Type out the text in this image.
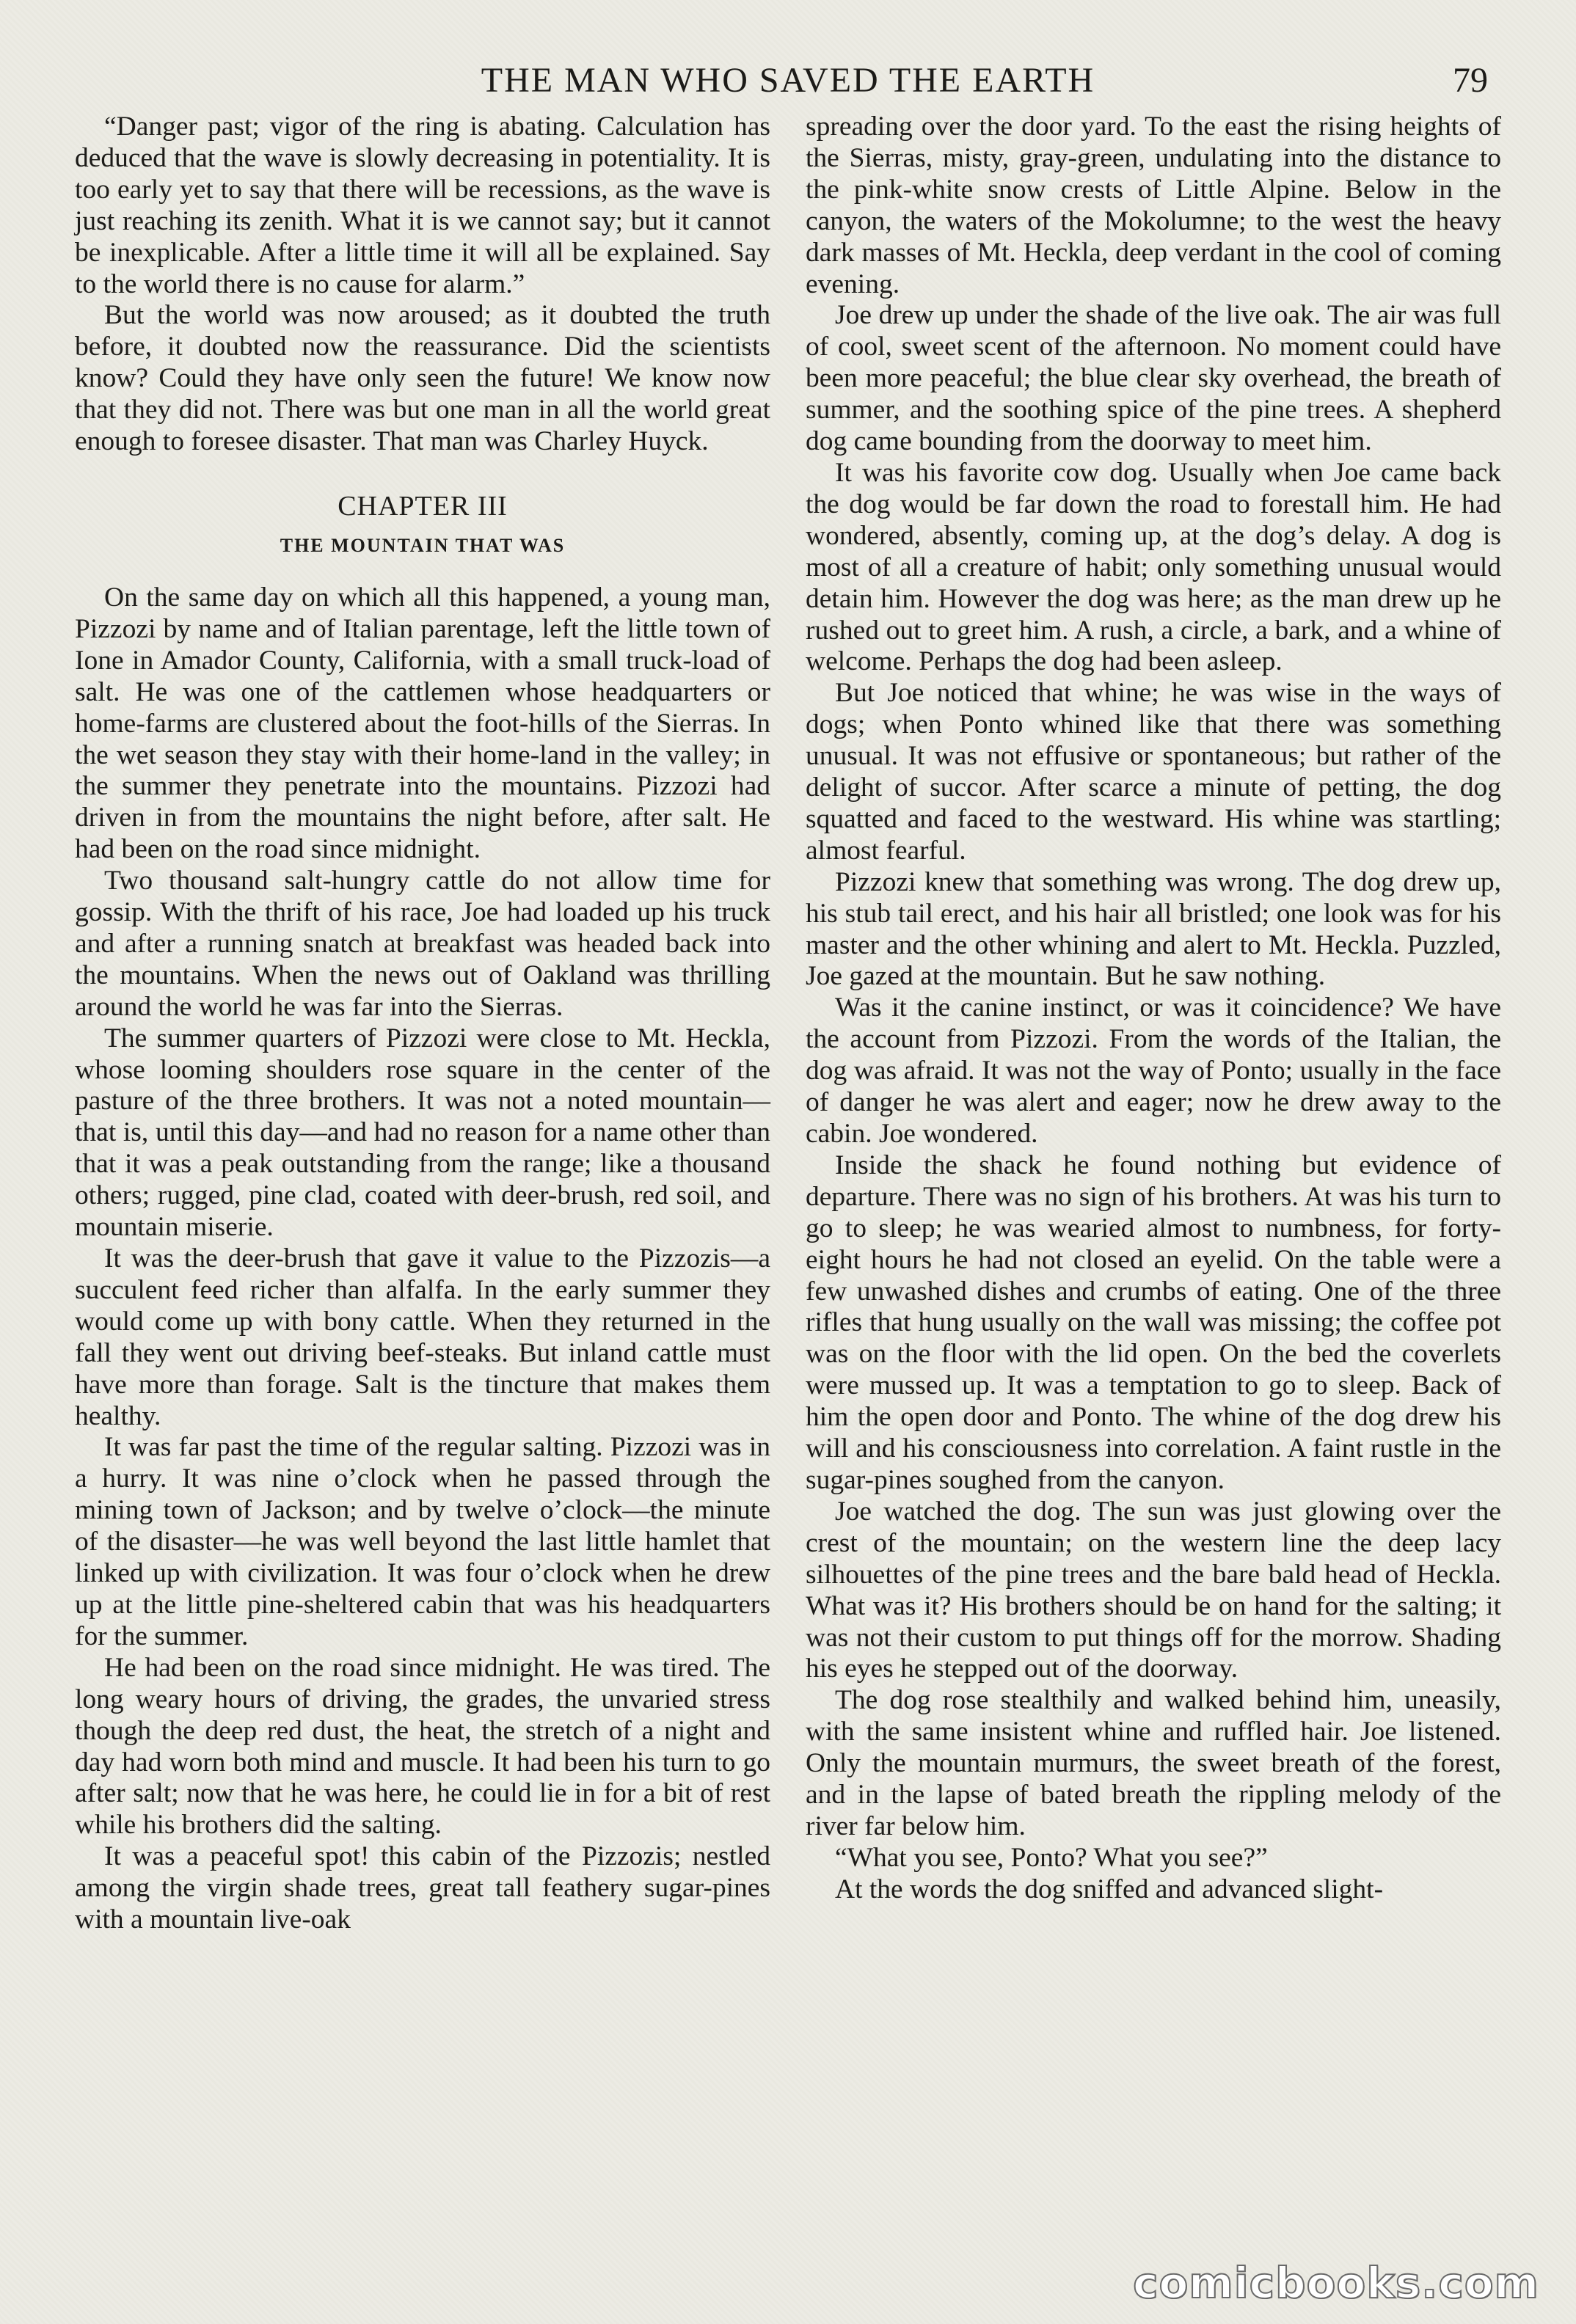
THE MAN WHO SAVED THE EARTH	79

“Danger past; vigor of the ring is abating. Calculation has deduced that the wave is slowly decreasing in potentiality. It is too early yet to say that there will be recessions, as the wave is just reaching its zenith. What it is we cannot say; but it cannot be inexplicable. After a little time it will all be explained. Say to the world there is no cause for alarm.”

But the world was now aroused; as it doubted the truth before, it doubted now the reassurance. Did the scientists know? Could they have only seen the future! We know now that they did not. There was but one man in all the world great enough to foresee disaster. That man was Charley Huyck.

CHAPTER III
THE MOUNTAIN THAT WAS

On the same day on which all this happened, a young man, Pizzozi by name and of Italian parentage, left the little town of Ione in Amador County, California, with a small truck-load of salt. He was one of the cattlemen whose headquarters or home-farms are clustered about the foot-hills of the Sierras. In the wet season they stay with their home-land in the valley; in the summer they penetrate into the mountains. Pizzozi had driven in from the mountains the night before, after salt. He had been on the road since midnight.

Two thousand salt-hungry cattle do not allow time for gossip. With the thrift of his race, Joe had loaded up his truck and after a running snatch at breakfast was headed back into the mountains. When the news out of Oakland was thrilling around the world he was far into the Sierras.

The summer quarters of Pizzozi were close to Mt. Heckla, whose looming shoulders rose square in the center of the pasture of the three brothers. It was not a noted mountain—that is, until this day—and had no reason for a name other than that it was a peak outstanding from the range; like a thousand others; rugged, pine clad, coated with deer-brush, red soil, and mountain miserie.

It was the deer-brush that gave it value to the Pizzozis—a succulent feed richer than alfalfa. In the early summer they would come up with bony cattle. When they returned in the fall they went out driving beef-steaks. But inland cattle must have more than forage. Salt is the tincture that makes them healthy.

It was far past the time of the regular salting. Pizzozi was in a hurry. It was nine o’clock when he passed through the mining town of Jackson; and by twelve o’clock—the minute of the disaster—he was well beyond the last little hamlet that linked up with civilization. It was four o’clock when he drew up at the little pine-sheltered cabin that was his headquarters for the summer.

He had been on the road since midnight. He was tired. The long weary hours of driving, the grades, the unvaried stress though the deep red dust, the heat, the stretch of a night and day had worn both mind and muscle. It had been his turn to go after salt; now that he was here, he could lie in for a bit of rest while his brothers did the salting.

It was a peaceful spot! this cabin of the Pizzozis; nestled among the virgin shade trees, great tall feathery sugar-pines with a mountain live-oak

spreading over the door yard. To the east the rising heights of the Sierras, misty, gray-green, undulating into the distance to the pink-white snow crests of Little Alpine. Below in the canyon, the waters of the Mokolumne; to the west the heavy dark masses of Mt. Heckla, deep verdant in the cool of coming evening.

Joe drew up under the shade of the live oak. The air was full of cool, sweet scent of the afternoon. No moment could have been more peaceful; the blue clear sky overhead, the breath of summer, and the soothing spice of the pine trees. A shepherd dog came bounding from the doorway to meet him.

It was his favorite cow dog. Usually when Joe came back the dog would be far down the road to forestall him. He had wondered, absently, coming up, at the dog’s delay. A dog is most of all a creature of habit; only something unusual would detain him. However the dog was here; as the man drew up he rushed out to greet him. A rush, a circle, a bark, and a whine of welcome. Perhaps the dog had been asleep.

But Joe noticed that whine; he was wise in the ways of dogs; when Ponto whined like that there was something unusual. It was not effusive or spontaneous; but rather of the delight of succor. After scarce a minute of petting, the dog squatted and faced to the westward. His whine was startling; almost fearful.

Pizzozi knew that something was wrong. The dog drew up, his stub tail erect, and his hair all bristled; one look was for his master and the other whining and alert to Mt. Heckla. Puzzled, Joe gazed at the mountain. But he saw nothing.

Was it the canine instinct, or was it coincidence? We have the account from Pizzozi. From the words of the Italian, the dog was afraid. It was not the way of Ponto; usually in the face of danger he was alert and eager; now he drew away to the cabin. Joe wondered.

Inside the shack he found nothing but evidence of departure. There was no sign of his brothers. At was his turn to go to sleep; he was wearied almost to numbness, for forty-eight hours he had not closed an eyelid. On the table were a few unwashed dishes and crumbs of eating. One of the three rifles that hung usually on the wall was missing; the coffee pot was on the floor with the lid open. On the bed the coverlets were mussed up. It was a temptation to go to sleep. Back of him the open door and Ponto. The whine of the dog drew his will and his consciousness into correlation. A faint rustle in the sugar-pines soughed from the canyon.

Joe watched the dog. The sun was just glowing over the crest of the mountain; on the western line the deep lacy silhouettes of the pine trees and the bare bald head of Heckla. What was it? His brothers should be on hand for the salting; it was not their custom to put things off for the morrow. Shading his eyes he stepped out of the doorway.

The dog rose stealthily and walked behind him, uneasily, with the same insistent whine and ruffled hair. Joe listened. Only the mountain murmurs, the sweet breath of the forest, and in the lapse of bated breath the rippling melody of the river far below him.

“What you see, Ponto? What you see?”

At the words the dog sniffed and advanced slight-

comicbooks.com
